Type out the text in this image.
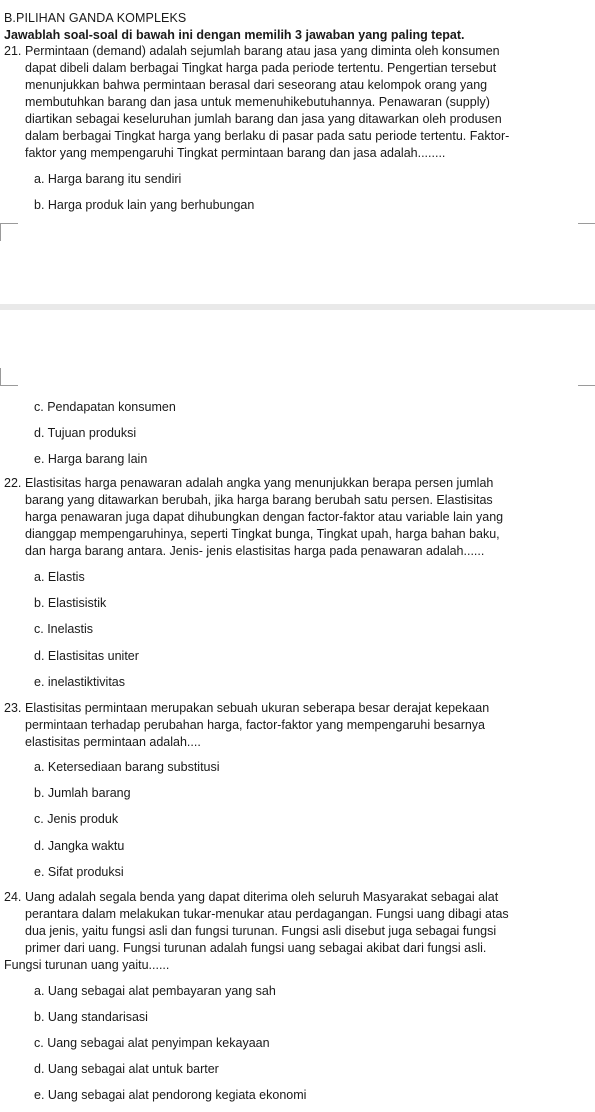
B.PILIHAN GANDA KOMPLEKS
Jawablah soal-soal di bawah ini dengan memilih 3 jawaban yang paling tepat.
21. Permintaan (demand) adalah sejumlah barang atau jasa yang diminta oleh konsumen
dapat dibeli dalam berbagai Tingkat harga pada periode tertentu. Pengertian tersebut
menunjukkan bahwa permintaan berasal dari seseorang atau kelompok orang yang
membutuhkan barang dan jasa untuk memenuhikebutuhannya. Penawaran (supply)
diartikan sebagai keseluruhan jumlah barang dan jasa yang ditawarkan oleh produsen
dalam berbagai Tingkat harga yang berlaku di pasar pada satu periode tertentu. Faktor-
faktor yang mempengaruhi Tingkat permintaan barang dan jasa adalah........
a. Harga barang itu sendiri
b. Harga produk lain yang berhubungan
c. Pendapatan konsumen
d. Tujuan produksi
e. Harga barang lain
22. Elastisitas harga penawaran adalah angka yang menunjukkan berapa persen jumlah
barang yang ditawarkan berubah, jika harga barang berubah satu persen. Elastisitas
harga penawaran juga dapat dihubungkan dengan factor-faktor atau variable lain yang
dianggap mempengaruhinya, seperti Tingkat bunga, Tingkat upah, harga bahan baku,
dan harga barang antara. Jenis- jenis elastisitas harga pada penawaran adalah......
a. Elastis
b. Elastisistik
c. Inelastis
d. Elastisitas uniter
e. inelastiktivitas
23. Elastisitas permintaan merupakan sebuah ukuran seberapa besar derajat kepekaan
permintaan terhadap perubahan harga, factor-faktor yang mempengaruhi besarnya
elastisitas permintaan adalah....
a. Ketersediaan barang substitusi
b. Jumlah barang
c. Jenis produk
d. Jangka waktu
e. Sifat produksi
24. Uang adalah segala benda yang dapat diterima oleh seluruh Masyarakat sebagai alat
perantara dalam melakukan tukar-menukar atau perdagangan. Fungsi uang dibagi atas
dua jenis, yaitu fungsi asli dan fungsi turunan. Fungsi asli disebut juga sebagai fungsi
primer dari uang. Fungsi turunan adalah fungsi uang sebagai akibat dari fungsi asli.
Fungsi turunan uang yaitu......
a. Uang sebagai alat pembayaran yang sah
b. Uang standarisasi
c. Uang sebagai alat penyimpan kekayaan
d. Uang sebagai alat untuk barter
e. Uang sebagai alat pendorong kegiata ekonomi
